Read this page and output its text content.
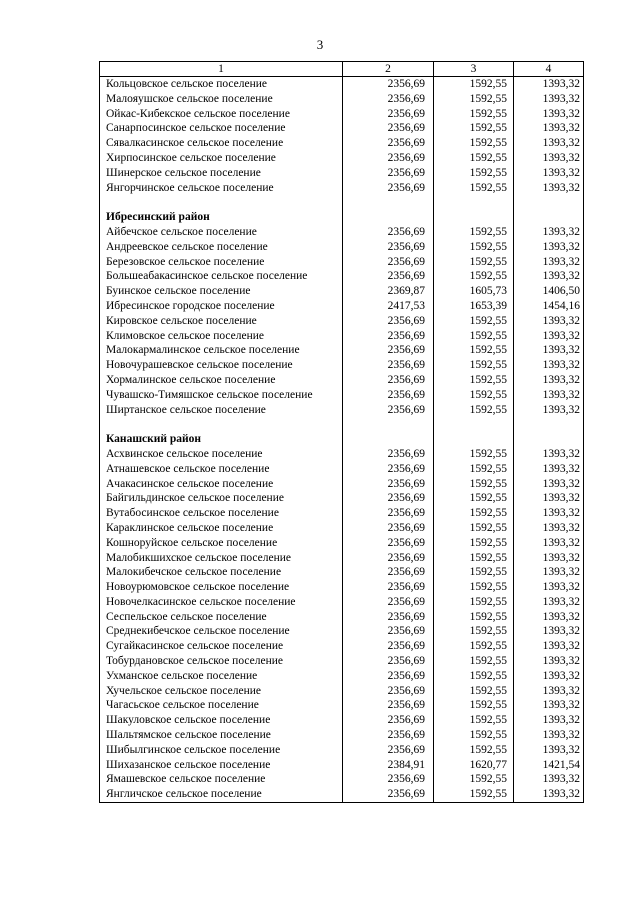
3
1	2	3	4
Кольцовское сельское поселение	2356,69	1592,55	1393,32
Малояушское сельское поселение	2356,69	1592,55	1393,32
Ойкас-Кибекское сельское поселение	2356,69	1592,55	1393,32
Санарпосинское сельское поселение	2356,69	1592,55	1393,32
Сявалкасинское сельское поселение	2356,69	1592,55	1393,32
Хирпосинское сельское поселение	2356,69	1592,55	1393,32
Шинерское сельское поселение	2356,69	1592,55	1393,32
Янгорчинское сельское поселение	2356,69	1592,55	1393,32

Ибресинский район			
Айбечское сельское поселение	2356,69	1592,55	1393,32
Андреевское сельское поселение	2356,69	1592,55	1393,32
Березовское сельское поселение	2356,69	1592,55	1393,32
Большеабакасинское сельское поселение	2356,69	1592,55	1393,32
Буинское сельское поселение	2369,87	1605,73	1406,50
Ибресинское городское поселение	2417,53	1653,39	1454,16
Кировское сельское поселение	2356,69	1592,55	1393,32
Климовское сельское поселение	2356,69	1592,55	1393,32
Малокармалинское сельское поселение	2356,69	1592,55	1393,32
Новочурашевское сельское поселение	2356,69	1592,55	1393,32
Хормалинское сельское поселение	2356,69	1592,55	1393,32
Чувашско-Тимяшское сельское поселение	2356,69	1592,55	1393,32
Ширтанское сельское поселение	2356,69	1592,55	1393,32

Канашский район			
Асхвинское сельское поселение	2356,69	1592,55	1393,32
Атнашевское сельское поселение	2356,69	1592,55	1393,32
Ачакасинское сельское поселение	2356,69	1592,55	1393,32
Байгильдинское сельское поселение	2356,69	1592,55	1393,32
Вутабосинское сельское поселение	2356,69	1592,55	1393,32
Караклинское сельское поселение	2356,69	1592,55	1393,32
Кошноруйское сельское поселение	2356,69	1592,55	1393,32
Малобикшихское сельское поселение	2356,69	1592,55	1393,32
Малокибечское сельское поселение	2356,69	1592,55	1393,32
Новоурюмовское сельское поселение	2356,69	1592,55	1393,32
Новочелкасинское сельское поселение	2356,69	1592,55	1393,32
Сеспельское сельское поселение	2356,69	1592,55	1393,32
Среднекибечское сельское поселение	2356,69	1592,55	1393,32
Сугайкасинское сельское поселение	2356,69	1592,55	1393,32
Тобурдановское сельское поселение	2356,69	1592,55	1393,32
Ухманское сельское поселение	2356,69	1592,55	1393,32
Хучельское сельское поселение	2356,69	1592,55	1393,32
Чагасьское сельское поселение	2356,69	1592,55	1393,32
Шакуловское сельское поселение	2356,69	1592,55	1393,32
Шальтямское сельское поселение	2356,69	1592,55	1393,32
Шибылгинское сельское поселение	2356,69	1592,55	1393,32
Шихазанское сельское поселение	2384,91	1620,77	1421,54
Ямашевское сельское поселение	2356,69	1592,55	1393,32
Янгличское сельское поселение	2356,69	1592,55	1393,32
